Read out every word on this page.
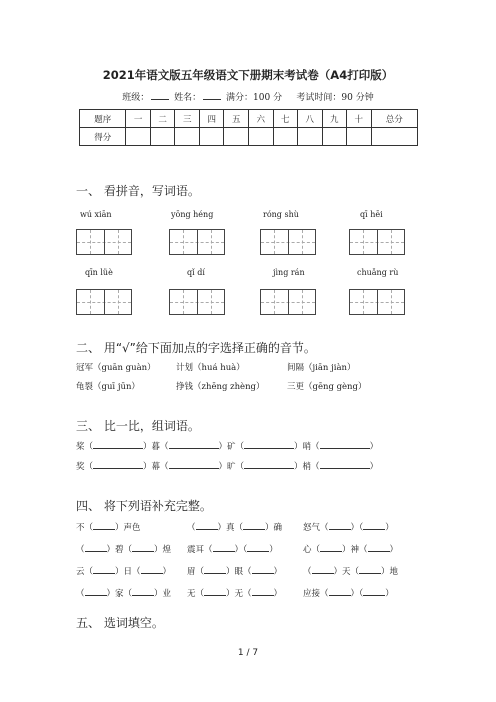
2021年语文版五年级语文下册期末考试卷（A4打印版）
班级：	姓名：	满分：100 分 考试时间：90 分钟
题序	一	二	三	四	五	六	七	八	九	十	总分
得分											
一、 看拼音，写词语。
wú xiān	yōng héng	róng shù	qī hēi
qīn lüè	qǐ dí	jìng rán	chuǎng rù
二、 用“√”给下面加点的字选择正确的音节。
冠军（guān guàn） 计划（huá huà）	间隔（jiān jiàn）
龟裂（guī jūn）	挣钱（zhēng zhèng）	三更（gēng gèng）
三、 比一比，组词语。
桨（	）暮（	）矿（	）哨（	）
奖（	）幕（	）旷（	）梢（	）
四、 将下列语补充完整。
不（	）声色	（	）真（	）确 怒气（	）（	）
（	）碧（	）煌 震耳（	）（	）	心（	）神（	）
云（	）日（	） 眉（	）眼（	） （	）天（	）地
（	）家（	）业 无（	）无（	） 应接（	）（	）
五、 选词填空。
1 / 7
